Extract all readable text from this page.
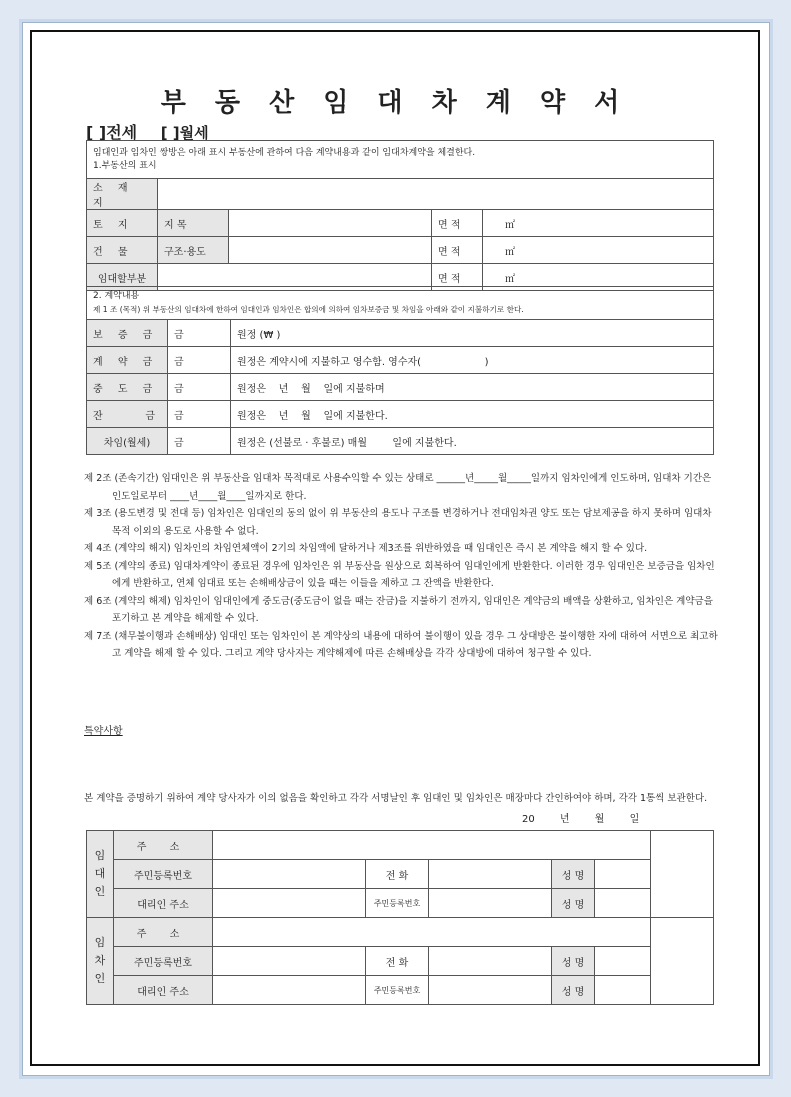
부 동 산 임 대 차 계 약 서
[ ]전세 [ ]월세
임대인과 임차인 쌍방은 아래 표시 부동산에 관하여 다음 계약내용과 같이 임대차계약을 체결한다.
1.부동산의 표시				

소 재 지				
토 지	지 목		면 적	㎡
건 물	구조·용도		면 적	㎡
임대할부분			면 적	㎡
2. 계약내용
제 1 조 (목적) 위 부동산의 임대차에 한하여 임대인과 임차인은 합의에 의하여 임차보증금 및 차임을 아래와 같이 지불하기로 한다.		

보 증 금	금	원정 (₩ )
계 약 금	금	원정은 계약시에 지불하고 영수함. 영수자(                    )
중 도 금	금	원정은    년    월    일에 지불하며
잔    금	금	원정은    년    월    일에 지불한다.
차임(월세)	금	원정은 (선불로 · 후불로) 매월        일에 지불한다.
제 2조 (존속기간) 임대인은 위 부동산을 임대차 목적대로 사용수익할 수 있는 상태로 ______년_____월_____일까지 임차인에게 인도하며, 임대차 기간은 인도일로부터 ____년____월____일까지로 한다.
제 3조 (용도변경 및 전대 등) 임차인은 임대인의 동의 없이 위 부동산의 용도나 구조를 변경하거나 전대임차권 양도 또는 담보제공을 하지 못하며 임대차 목적 이외의 용도로 사용할 수 없다.
제 4조 (계약의 해지) 임차인의 차임연체액이 2기의 차임액에 달하거나 제3조를 위반하였을 때 임대인은 즉시 본 계약을 해지 할 수 있다.
제 5조 (계약의 종료) 임대차계약이 종료된 경우에 임차인은 위 부동산을 원상으로 회복하여 임대인에게 반환한다. 이러한 경우 임대인은 보증금을 임차인에게 반환하고, 연체 임대료 또는 손해배상금이 있을 때는 이들을 제하고 그 잔액을 반환한다.
제 6조 (계약의 해제) 임차인이 임대인에게 중도금(중도금이 없을 때는 잔금)을 지불하기 전까지, 임대인은 계약금의 배액을 상환하고, 임차인은 계약금을 포기하고 본 계약을 해제할 수 있다.
제 7조 (채무불이행과 손해배상) 임대인 또는 임차인이 본 계약상의 내용에 대하여 불이행이 있을 경우 그 상대방은 불이행한 자에 대하여 서면으로 최고하고 계약을 해제 할 수 있다. 그리고 계약 당사자는 계약해제에 따른 손해배상을 각각 상대방에 대하여 청구할 수 있다.
특약사항
본 계약을 증명하기 위하여 계약 당사자가 이의 없음을 확인하고 각각 서명날인 후 임대인 및 임차인은 매장마다 간인하여야 하며, 각각 1통씩 보관한다.
20 년 월 일
임
대
인	주 소						
	주민등록번호		전 화		성 명		
	대리인 주소		주민등록번호		성 명		
임
차
인	주 소						
	주민등록번호		전 화		성 명		
	대리인 주소		주민등록번호		성 명		
